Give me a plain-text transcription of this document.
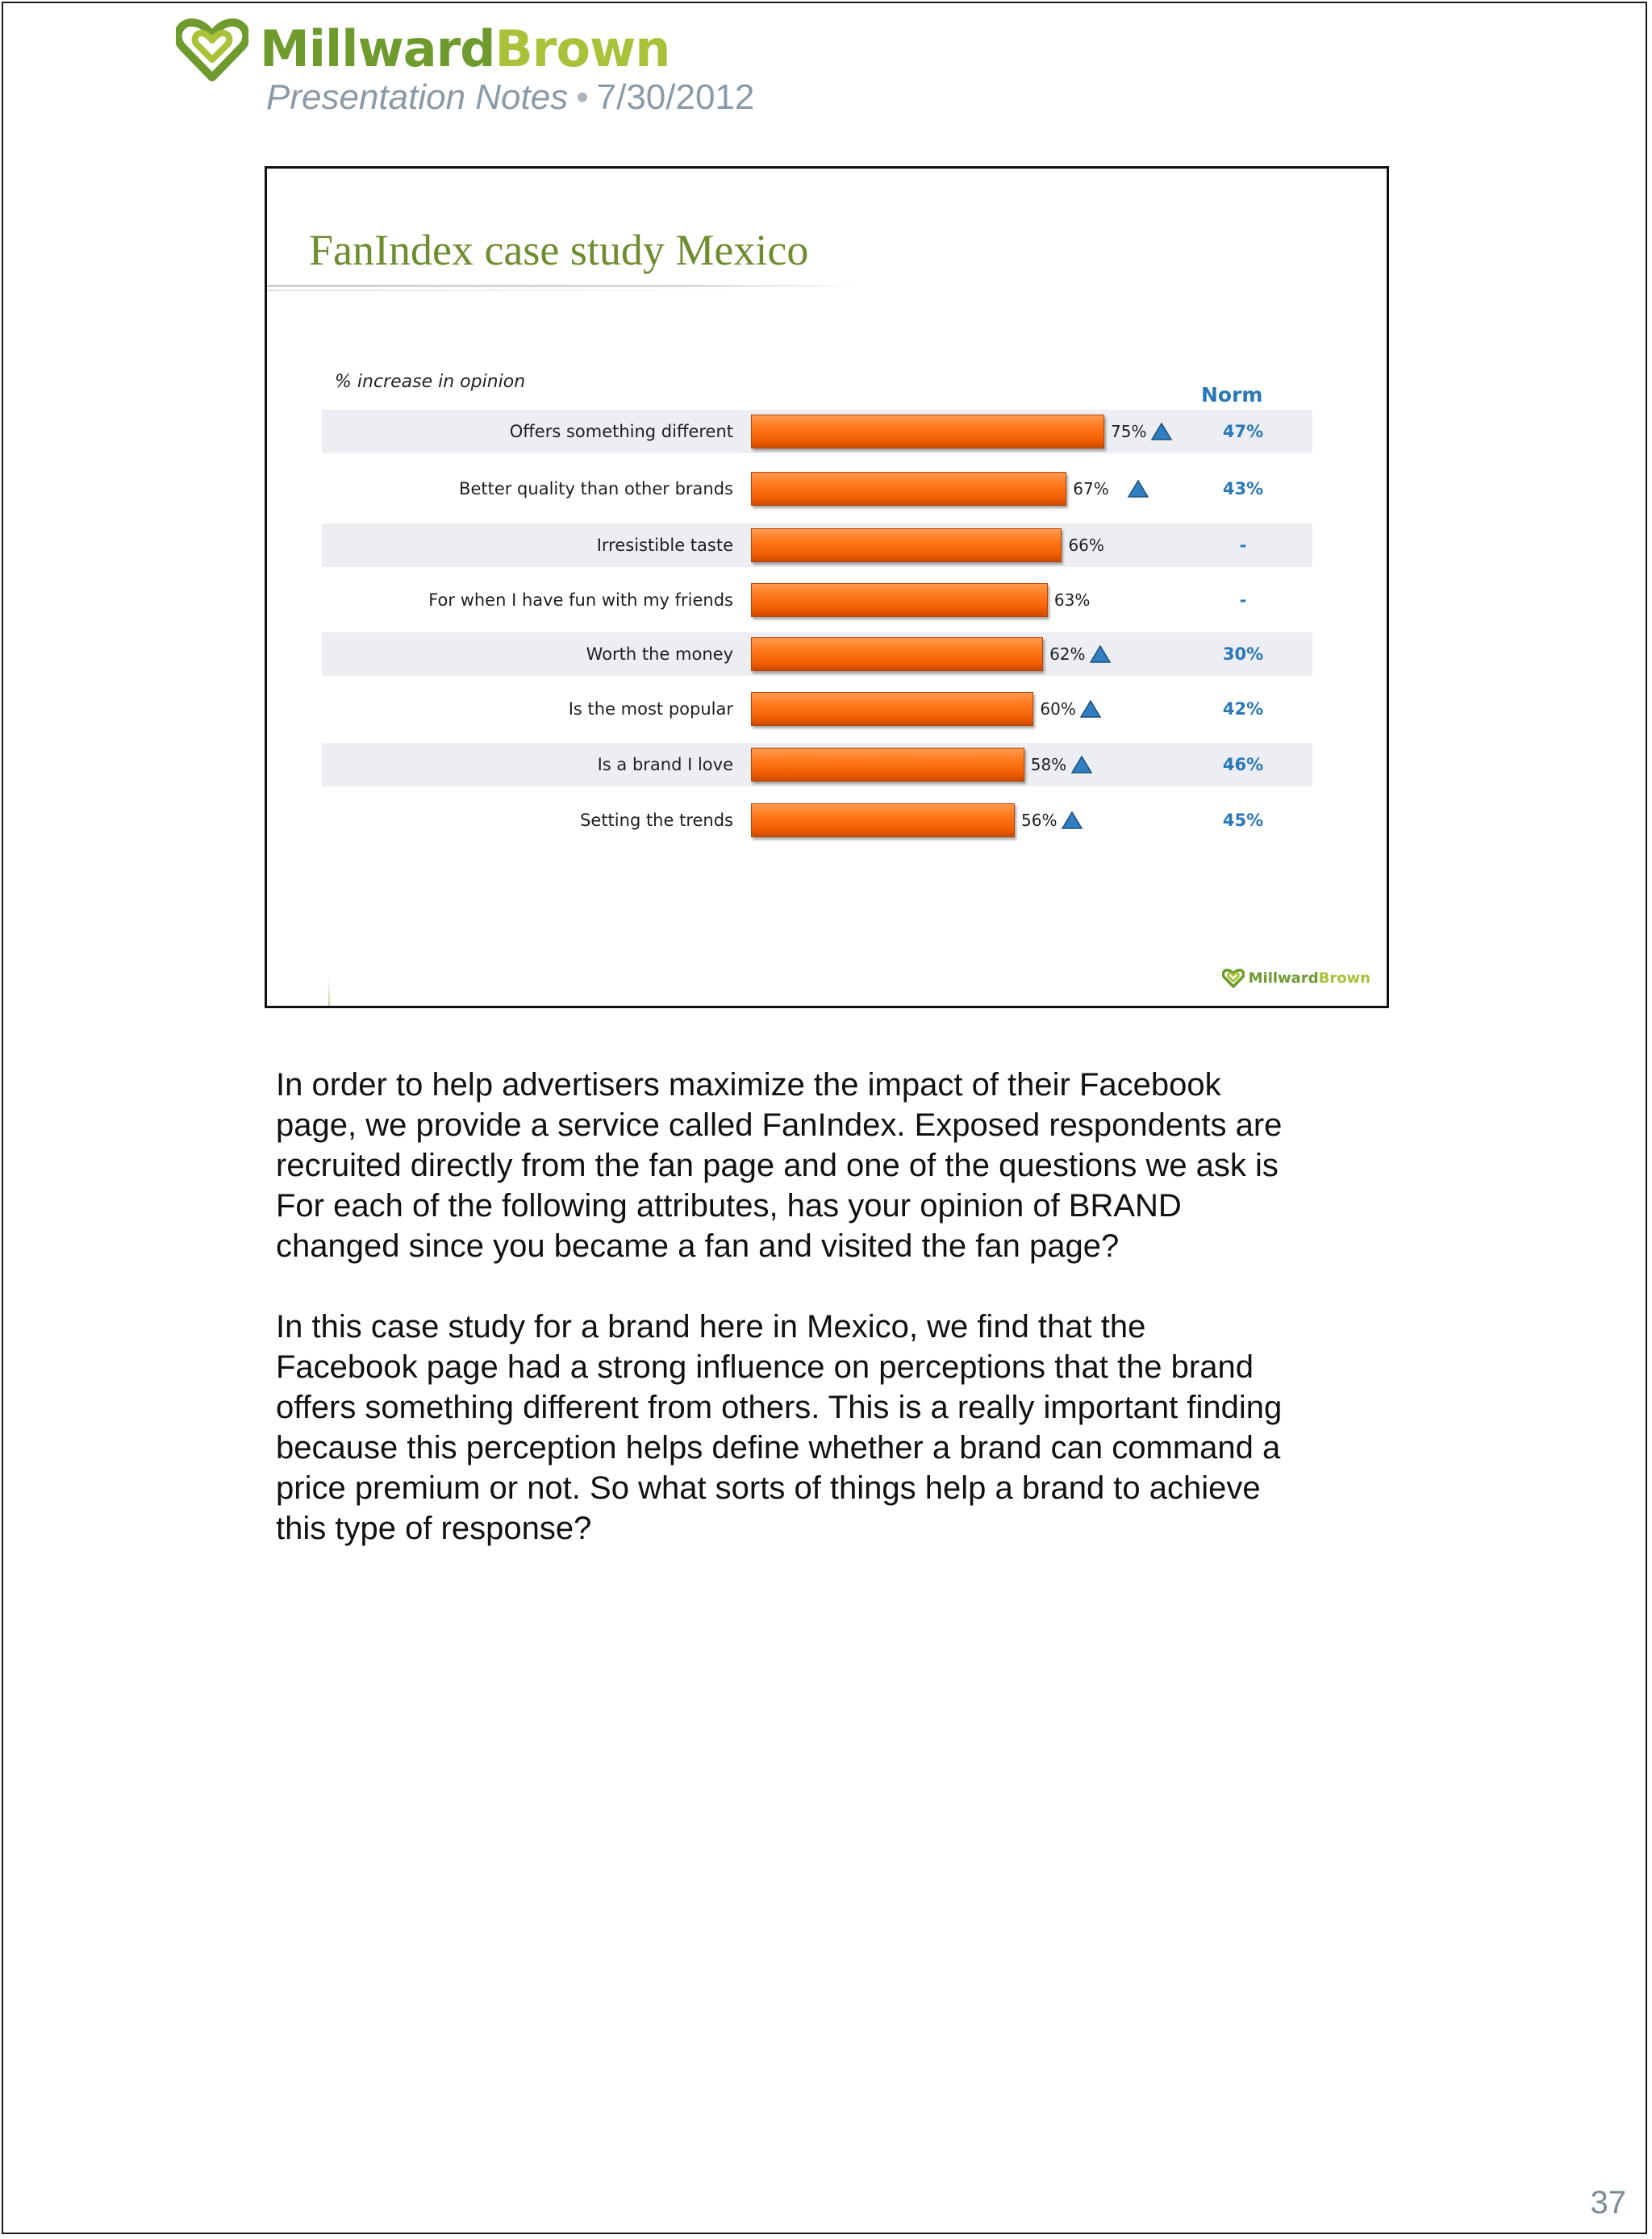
MillwardBrown
Presentation Notes • 7/30/2012
FanIndex case study Mexico
% increase in opinion
Norm
Offers something different	75%	47%
Better quality than other brands	67%	43%
Irresistible taste	66%	-
For when I have fun with my friends	63%	-
Worth the money	62%	30%
Is the most popular	60%	42%
Is a brand I love	58%	46%
Setting the trends	56%	45%
MillwardBrown

In order to help advertisers maximize the impact of their Facebook
page, we provide a service called FanIndex. Exposed respondents are
recruited directly from the fan page and one of the questions we ask is
For each of the following attributes, has your opinion of BRAND
changed since you became a fan and visited the fan page?

In this case study for a brand here in Mexico, we find that the
Facebook page had a strong influence on perceptions that the brand
offers something different from others. This is a really important finding
because this perception helps define whether a brand can command a
price premium or not. So what sorts of things help a brand to achieve
this type of response?

37
